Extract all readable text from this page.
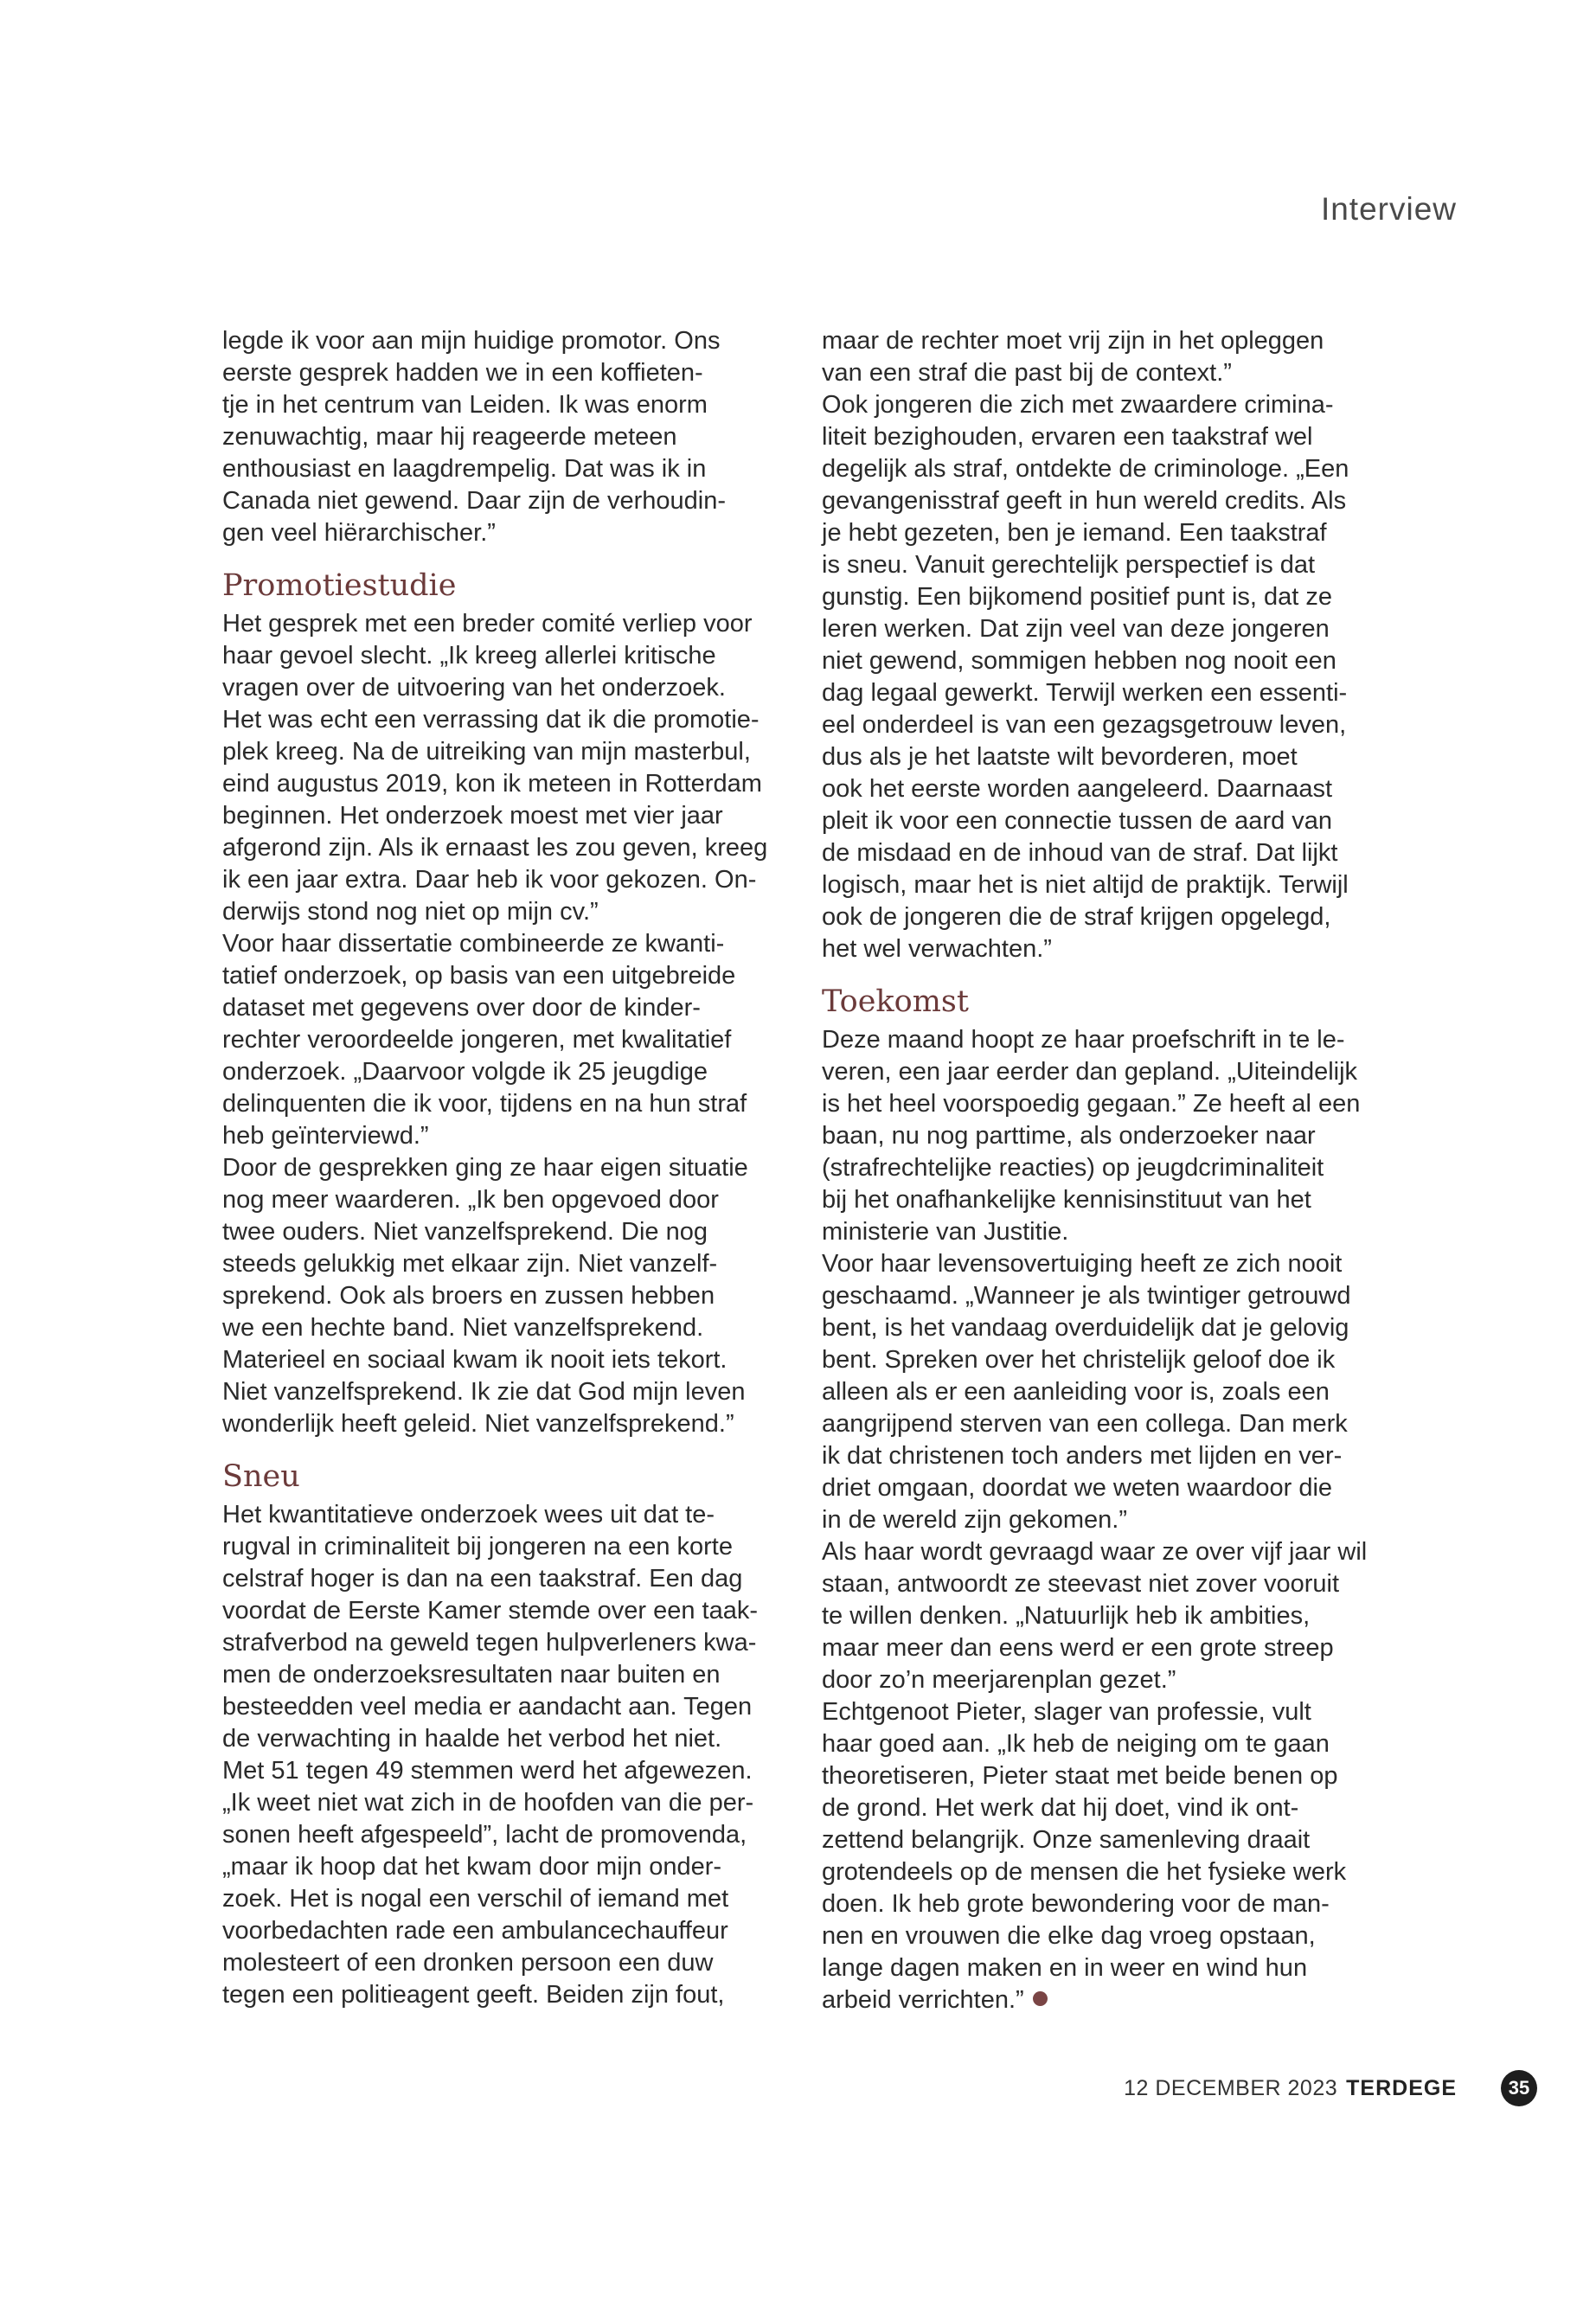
Interview

legde ik voor aan mijn huidige promotor. Ons
eerste gesprek hadden we in een koffieten-
tje in het centrum van Leiden. Ik was enorm
zenuwachtig, maar hij reageerde meteen
enthousiast en laagdrempelig. Dat was ik in
Canada niet gewend. Daar zijn de verhoudin-
gen veel hiërarchischer.”

Promotiestudie

Het gesprek met een breder comité verliep voor
haar gevoel slecht. „Ik kreeg allerlei kritische
vragen over de uitvoering van het onderzoek.
Het was echt een verrassing dat ik die promotie-
plek kreeg. Na de uitreiking van mijn masterbul,
eind augustus 2019, kon ik meteen in Rotterdam
beginnen. Het onderzoek moest met vier jaar
afgerond zijn. Als ik ernaast les zou geven, kreeg
ik een jaar extra. Daar heb ik voor gekozen. On-
derwijs stond nog niet op mijn cv.”

Voor haar dissertatie combineerde ze kwanti-
tatief onderzoek, op basis van een uitgebreide
dataset met gegevens over door de kinder-
rechter veroordeelde jongeren, met kwalitatief
onderzoek. „Daarvoor volgde ik 25 jeugdige
delinquenten die ik voor, tijdens en na hun straf
heb geïnterviewd.”

Door de gesprekken ging ze haar eigen situatie
nog meer waarderen. „Ik ben opgevoed door
twee ouders. Niet vanzelfsprekend. Die nog
steeds gelukkig met elkaar zijn. Niet vanzelf-
sprekend. Ook als broers en zussen hebben
we een hechte band. Niet vanzelfsprekend.
Materieel en sociaal kwam ik nooit iets tekort.
Niet vanzelfsprekend. Ik zie dat God mijn leven
wonderlijk heeft geleid. Niet vanzelfsprekend.”

Sneu

Het kwantitatieve onderzoek wees uit dat te-
rugval in criminaliteit bij jongeren na een korte
celstraf hoger is dan na een taakstraf. Een dag
voordat de Eerste Kamer stemde over een taak-
strafverbod na geweld tegen hulpverleners kwa-
men de onderzoeksresultaten naar buiten en
besteedden veel media er aandacht aan. Tegen
de verwachting in haalde het verbod het niet.
Met 51 tegen 49 stemmen werd het afgewezen.
„Ik weet niet wat zich in de hoofden van die per-
sonen heeft afgespeeld”, lacht de promovenda,
„maar ik hoop dat het kwam door mijn onder-
zoek. Het is nogal een verschil of iemand met
voorbedachten rade een ambulancechauffeur
molesteert of een dronken persoon een duw
tegen een politieagent geeft. Beiden zijn fout,

maar de rechter moet vrij zijn in het opleggen
van een straf die past bij de context.”

Ook jongeren die zich met zwaardere crimina-
liteit bezighouden, ervaren een taakstraf wel
degelijk als straf, ontdekte de criminologe. „Een
gevangenisstraf geeft in hun wereld credits. Als
je hebt gezeten, ben je iemand. Een taakstraf
is sneu. Vanuit gerechtelijk perspectief is dat
gunstig. Een bijkomend positief punt is, dat ze
leren werken. Dat zijn veel van deze jongeren
niet gewend, sommigen hebben nog nooit een
dag legaal gewerkt. Terwijl werken een essenti-
eel onderdeel is van een gezagsgetrouw leven,
dus als je het laatste wilt bevorderen, moet
ook het eerste worden aangeleerd. Daarnaast
pleit ik voor een connectie tussen de aard van
de misdaad en de inhoud van de straf. Dat lijkt
logisch, maar het is niet altijd de praktijk. Terwijl
ook de jongeren die de straf krijgen opgelegd,
het wel verwachten.”

Toekomst

Deze maand hoopt ze haar proefschrift in te le-
veren, een jaar eerder dan gepland. „Uiteindelijk
is het heel voorspoedig gegaan.” Ze heeft al een
baan, nu nog parttime, als onderzoeker naar
(strafrechtelijke reacties) op jeugdcriminaliteit
bij het onafhankelijke kennisinstituut van het
ministerie van Justitie.

Voor haar levensovertuiging heeft ze zich nooit
geschaamd. „Wanneer je als twintiger getrouwd
bent, is het vandaag overduidelijk dat je gelovig
bent. Spreken over het christelijk geloof doe ik
alleen als er een aanleiding voor is, zoals een
aangrijpend sterven van een collega. Dan merk
ik dat christenen toch anders met lijden en ver-
driet omgaan, doordat we weten waardoor die
in de wereld zijn gekomen.”

Als haar wordt gevraagd waar ze over vijf jaar wil
staan, antwoordt ze steevast niet zover vooruit
te willen denken. „Natuurlijk heb ik ambities,
maar meer dan eens werd er een grote streep
door zo’n meerjarenplan gezet.”

Echtgenoot Pieter, slager van professie, vult
haar goed aan. „Ik heb de neiging om te gaan
theoretiseren, Pieter staat met beide benen op
de grond. Het werk dat hij doet, vind ik ont-
zettend belangrijk. Onze samenleving draait
grotendeels op de mensen die het fysieke werk
doen. Ik heb grote bewondering voor de man-
nen en vrouwen die elke dag vroeg opstaan,
lange dagen maken en in weer en wind hun
arbeid verrichten.”

12 DECEMBER 2023 TERDEGE	35
